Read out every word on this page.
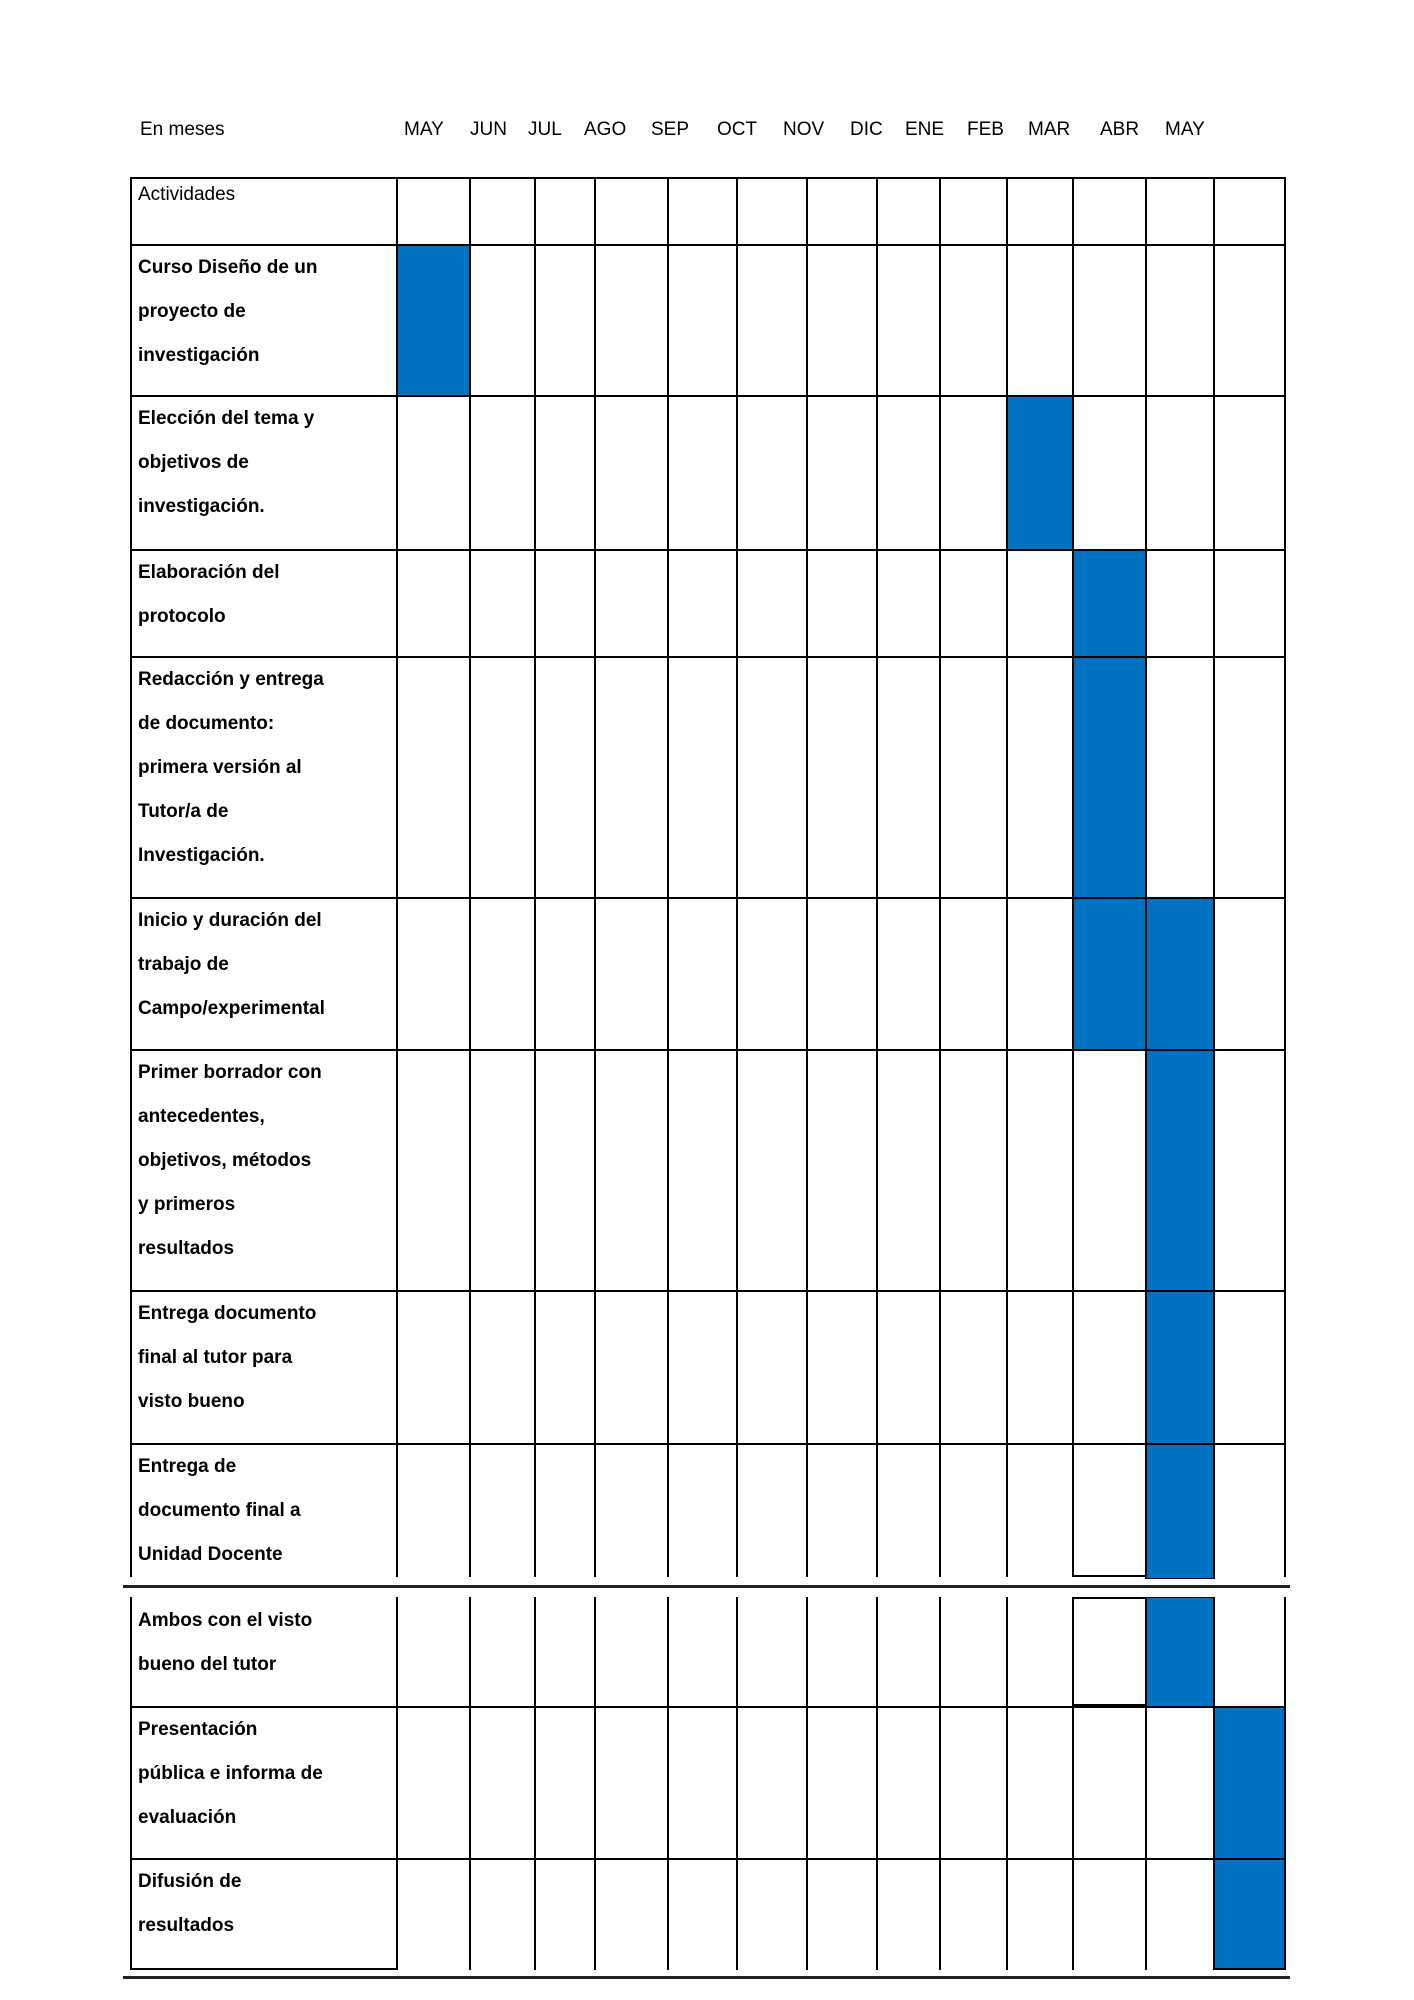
En meses	MAY JUN JUL AGO SEP OCT NOV DIC ENE FEB MAR ABR MAY
Actividades
Curso Diseño de un
proyecto de
investigación
Elección del tema y
objetivos de
investigación.
Elaboración del
protocolo
Redacción y entrega
de documento:
primera versión al
Tutor/a de
Investigación.
Inicio y duración del
trabajo de
Campo/experimental
Primer borrador con
antecedentes,
objetivos, métodos
y primeros
resultados
Entrega documento
final al tutor para
visto bueno
Entrega de
documento final a
Unidad Docente
Ambos con el visto
bueno del tutor
Presentación
pública e informa de
evaluación
Difusión de
resultados
